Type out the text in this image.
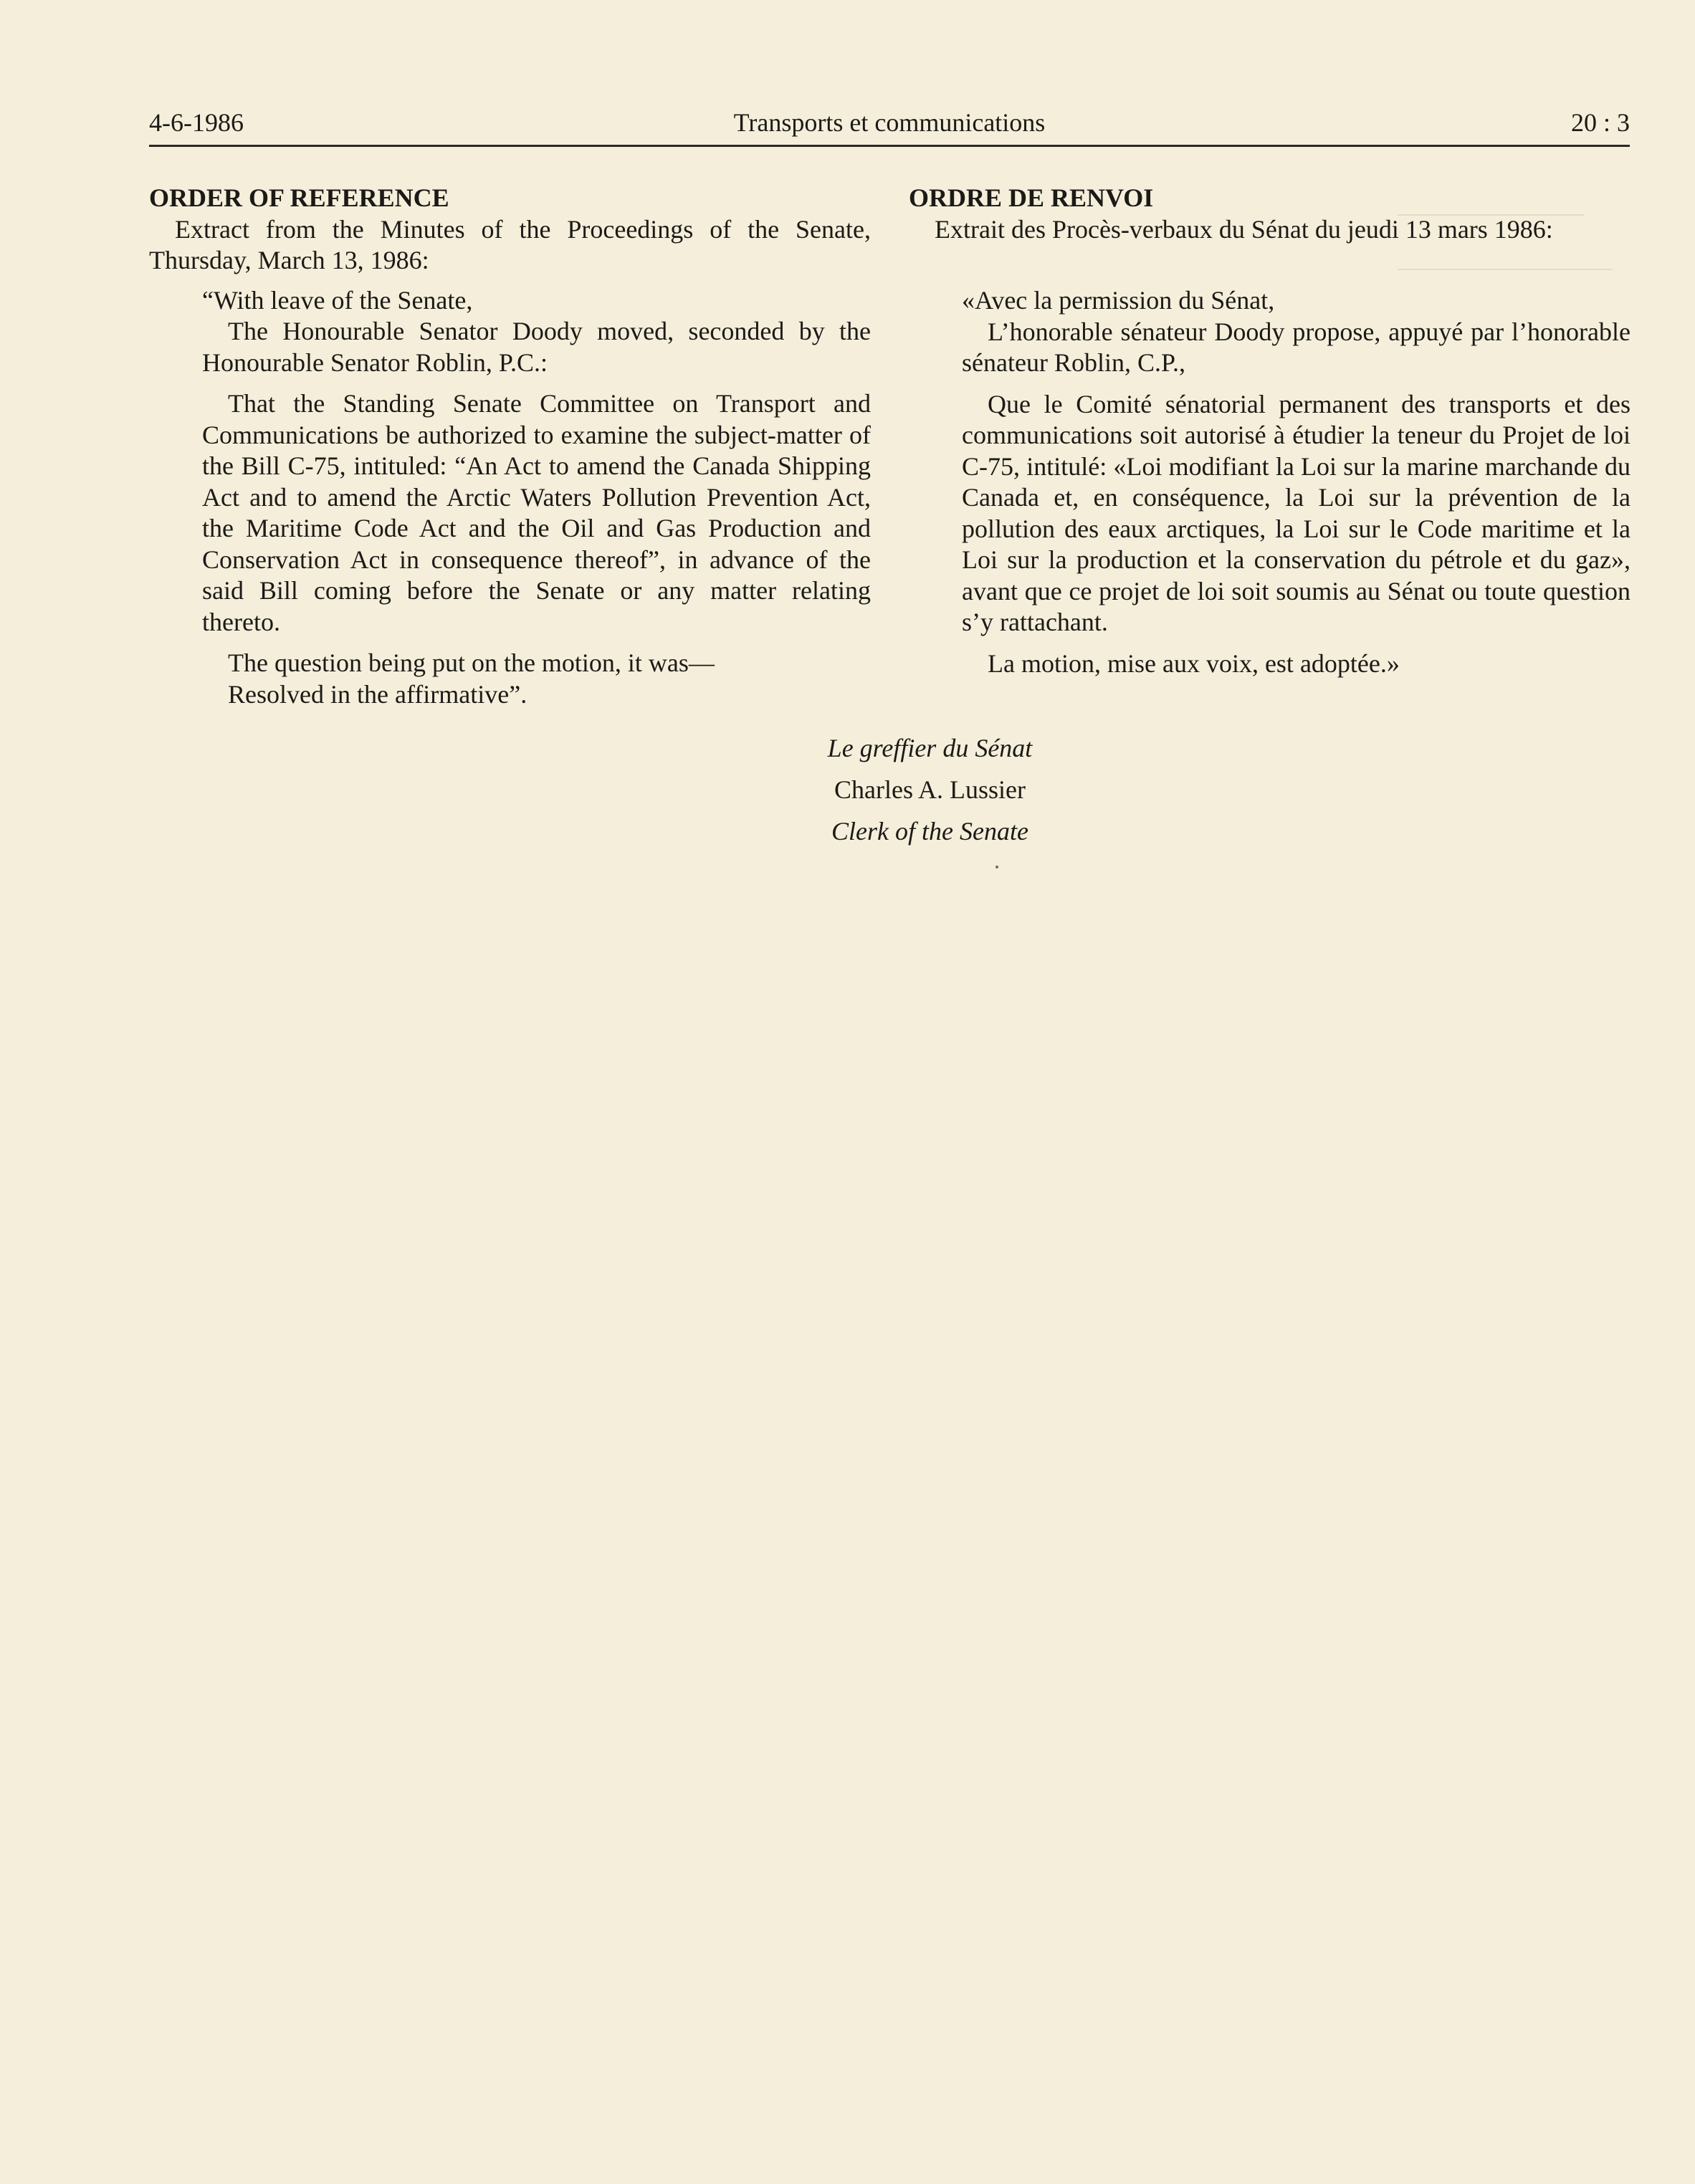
4-6-1986	Transports et communications	20 : 3

ORDER OF REFERENCE

Extract from the Minutes of the Proceedings of the Senate, Thursday, March 13, 1986:

“With leave of the Senate,

The Honourable Senator Doody moved, seconded by the Honourable Senator Roblin, P.C.:

That the Standing Senate Committee on Transport and Communications be authorized to examine the subject-matter of the Bill C-75, intituled: “An Act to amend the Canada Shipping Act and to amend the Arctic Waters Pollution Prevention Act, the Maritime Code Act and the Oil and Gas Production and Conservation Act in consequence thereof”, in advance of the said Bill coming before the Senate or any matter relating thereto.

The question being put on the motion, it was—

Resolved in the affirmative”.

ORDRE DE RENVOI

Extrait des Procès-verbaux du Sénat du jeudi 13 mars 1986:

«Avec la permission du Sénat,

L’honorable sénateur Doody propose, appuyé par l’honorable sénateur Roblin, C.P.,

Que le Comité sénatorial permanent des transports et des communications soit autorisé à étudier la teneur du Projet de loi C-75, intitulé: «Loi modifiant la Loi sur la marine marchande du Canada et, en conséquence, la Loi sur la prévention de la pollution des eaux arctiques, la Loi sur le Code maritime et la Loi sur la production et la conservation du pétrole et du gaz», avant que ce projet de loi soit soumis au Sénat ou toute question s’y rattachant.

La motion, mise aux voix, est adoptée.»

Le greffier du Sénat
Charles A. Lussier
Clerk of the Senate
